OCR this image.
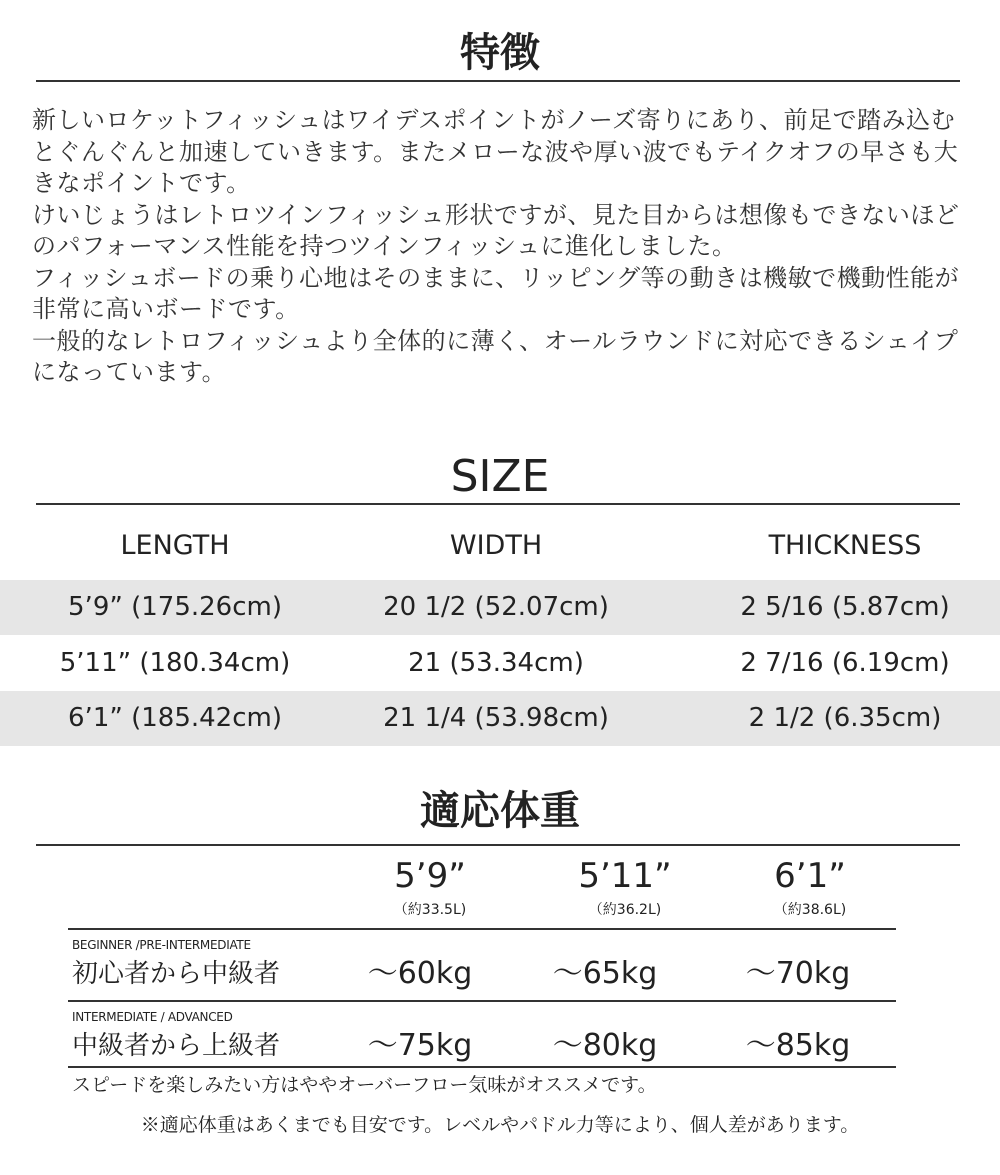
特徴

新しいロケットフィッシュはワイデスポイントがノーズ寄りにあり、前足で踏み込むとぐんぐんと加速していきます。またメローな波や厚い波でもテイクオフの早さも大きなポイントです。

けいじょうはレトロツインフィッシュ形状ですが、見た目からは想像もできないほどのパフォーマンス性能を持つツインフィッシュに進化しました。

フィッシュボードの乗り心地はそのままに、リッピング等の動きは機敏で機動性能が非常に高いボードです。

一般的なレトロフィッシュより全体的に薄く、オールラウンドに対応できるシェイプになっています。

SIZE
LENGTH	WIDTH	THICKNESS
5’9” (175.26cm)	20 1/2 (52.07cm)	2 5/16 (5.87cm)
5’11” (180.34cm)	21 (53.34cm)	2 7/16 (6.19cm)
6’1” (185.42cm)	21 1/4 (53.98cm)	2 1/2 (6.35cm)
適応体重
5’9”	5’11”	6’1”
（約33.5L)	（約36.2L)	（約38.6L)
BEGINNER /PRE-INTERMEDIATE
初心者から中級者	～60kg	～65kg	～70kg
INTERMEDIATE / ADVANCED
中級者から上級者	～75kg	～80kg	～85kg
スピードを楽しみたい方はややオーバーフロー気味がオススメです。
※適応体重はあくまでも目安です。レベルやパドル力等により、個人差があります。
